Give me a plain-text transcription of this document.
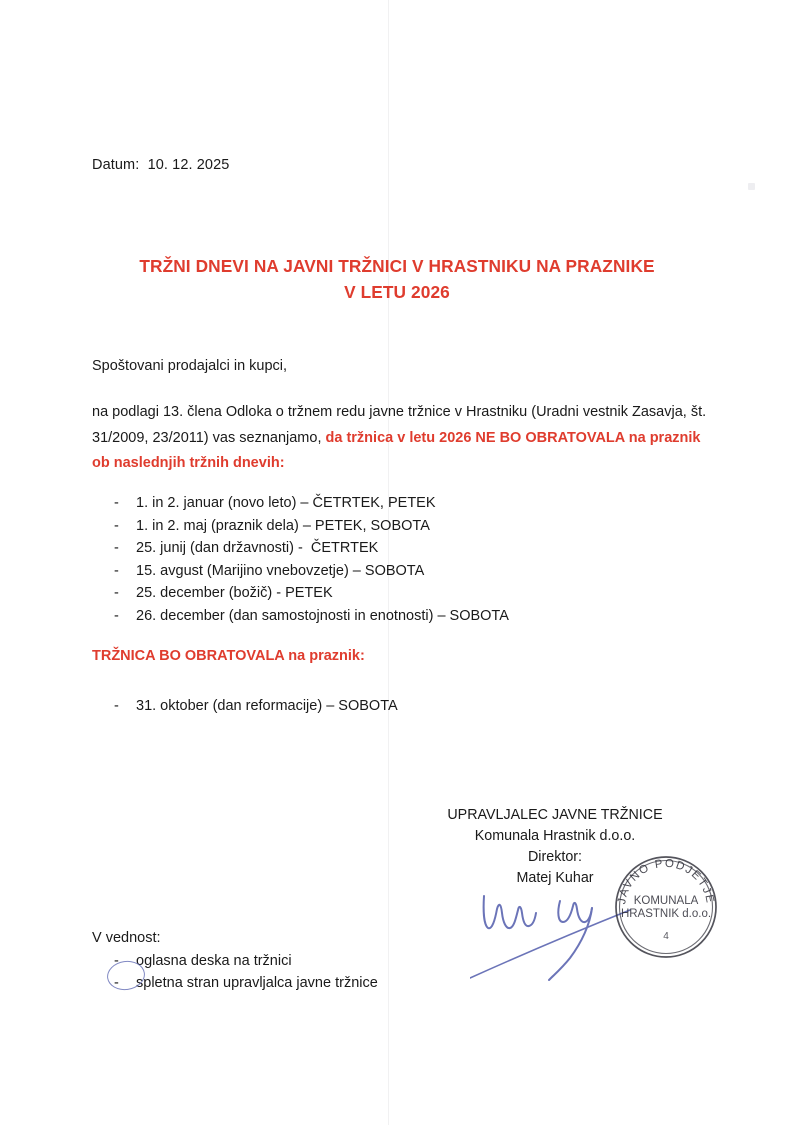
Datum:  10. 12. 2025
TRŽNI DNEVI NA JAVNI TRŽNICI V HRASTNIKU NA PRAZNIKE
V LETU 2026
Spoštovani prodajalci in kupci,
na podlagi 13. člena Odloka o tržnem redu javne tržnice v Hrastniku (Uradni vestnik Zasavja, št. 31/2009, 23/2011) vas seznanjamo, da tržnica v letu 2026 NE BO OBRATOVALA na praznik ob naslednjih tržnih dnevih:
-	1. in 2. januar (novo leto) – ČETRTEK, PETEK
-	1. in 2. maj (praznik dela) – PETEK, SOBOTA
-	25. junij (dan državnosti) -  ČETRTEK
-	15. avgust (Marijino vnebovzetje) – SOBOTA
-	25. december (božič) - PETEK
-	26. december (dan samostojnosti in enotnosti) – SOBOTA
TRŽNICA BO OBRATOVALA na praznik:
-	31. oktober (dan reformacije) – SOBOTA
UPRAVLJALEC JAVNE TRŽNICE
Komunala Hrastnik d.o.o.
Direktor:
Matej Kuhar
JAVNO PODJETJE
KOMUNALA
HRASTNIK d.o.o.
4
V vednost:
-	oglasna deska na tržnici
-	spletna stran upravljalca javne tržnice
